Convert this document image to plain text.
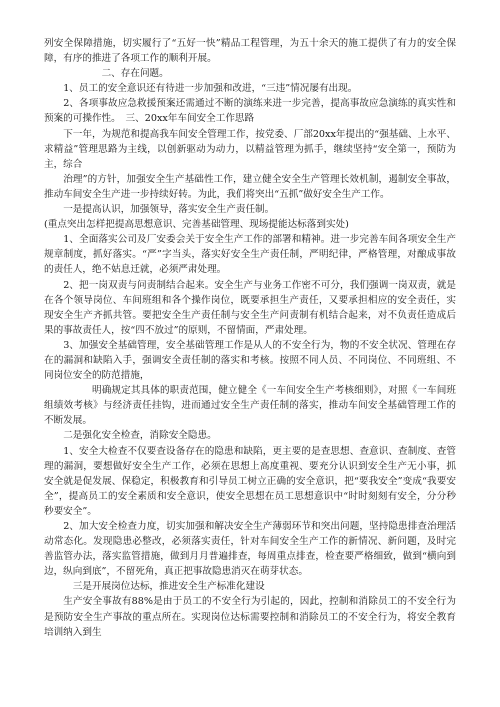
列安全保障措施，切实履行了“五好一快”精品工程管理，为五十余天的施工提供了有力的安全保障，有序的推进了各项工作的顺利开展。

二、存在问题。

1、员工的安全意识还有待进一步加强和改进，“三违”情况屡有出现。

2、各项事故应急救援预案还需通过不断的演练来进一步完善，提高事故应急演练的真实性和预案的可操作性。　三、20xx年车间安全工作思路

下一年，为规范和提高我车间安全管理工作，按党委、厂部20xx年提出的“强基础、上水平、求精益”管理思路为主线，以创新驱动为动力，以精益管理为抓手，继续坚持“安全第一，预防为主，综合

治理”的方针，加强安全生产基础性工作，建立健全安全生产管理长效机制，遏制安全事故，推动车间安全生产进一步持续好转。为此，我们将突出“五抓”做好安全生产工作。

一是提高认识，加强领导，落实安全生产责任制。

(重点突出怎样把提高思想意识、完善基础管理、现场提能达标落到实处)

1、全面落实公司及厂安委会关于安全生产工作的部署和精神。进一步完善车间各项安全生产规章制度，抓好落实。“严”字当头，落实好安全生产责任制，严明纪律，严格管理，对酿成事故的责任人，绝不姑息迁就，必须严肃处理。

2、把一岗双责与问责制结合起来。安全生产与业务工作密不可分，我们强调一岗双责，就是在各个领导岗位、车间班组和各个操作岗位，既要承担生产责任，又要承担相应的安全责任，实现安全生产齐抓共管。要把安全生产责任制与安全生产问责制有机结合起来，对不负责任造成后果的事故责任人，按“四不放过”的原则，不留情面，严肃处理。

3、加强安全基础管理，安全基础管理工作是从人的不安全行为，物的不安全状况、管理在存在的漏洞和缺陷入手，强调安全责任制的落实和考核。按照不同人员、不同岗位、不同班组、不同岗位安全的防范措施，

明确规定其具体的职责范围，健立健全《一车间安全生产考核细则》，对照《一车间班组绩效考核》与经济责任挂钩，进而通过安全生产责任制的落实，推动车间安全基础管理工作的不断发展。

二是强化安全检查，消除安全隐患。

1、安全大检查不仅要查设备存在的隐患和缺陷，更主要的是查思想、查意识、查制度、查管理的漏洞，要想做好安全生产工作，必须在思想上高度重视、要充分认识到安全生产无小事，抓安全就是促发展、保稳定，积极教育和引导员工树立正确的安全意识，把“要我安全”变成“我要安全”，提高员工的安全素质和安全意识，使安全思想在员工思想意识中“时时刻刻有安全，分分秒秒要安全”。

2、加大安全检查力度，切实加强和解决安全生产薄弱环节和突出问题，坚持隐患排查治理活动常态化。发现隐患必整改，必须落实责任，针对车间安全生产工作的新情况、新问题，及时完善监管办法，落实监管措施，做到月月普遍排查，每周重点排查，检查要严格细致，做到“横向到边，纵向到底”，不留死角，真正把事故隐患消灭在萌芽状态。

三是开展岗位达标，推进安全生产标准化建设

生产安全事故有88%是由于员工的不安全行为引起的，因此，控制和消除员工的不安全行为是预防安全生产事故的重点所在。实现岗位达标需要控制和消除员工的不安全行为，将安全教育培训纳入到生
